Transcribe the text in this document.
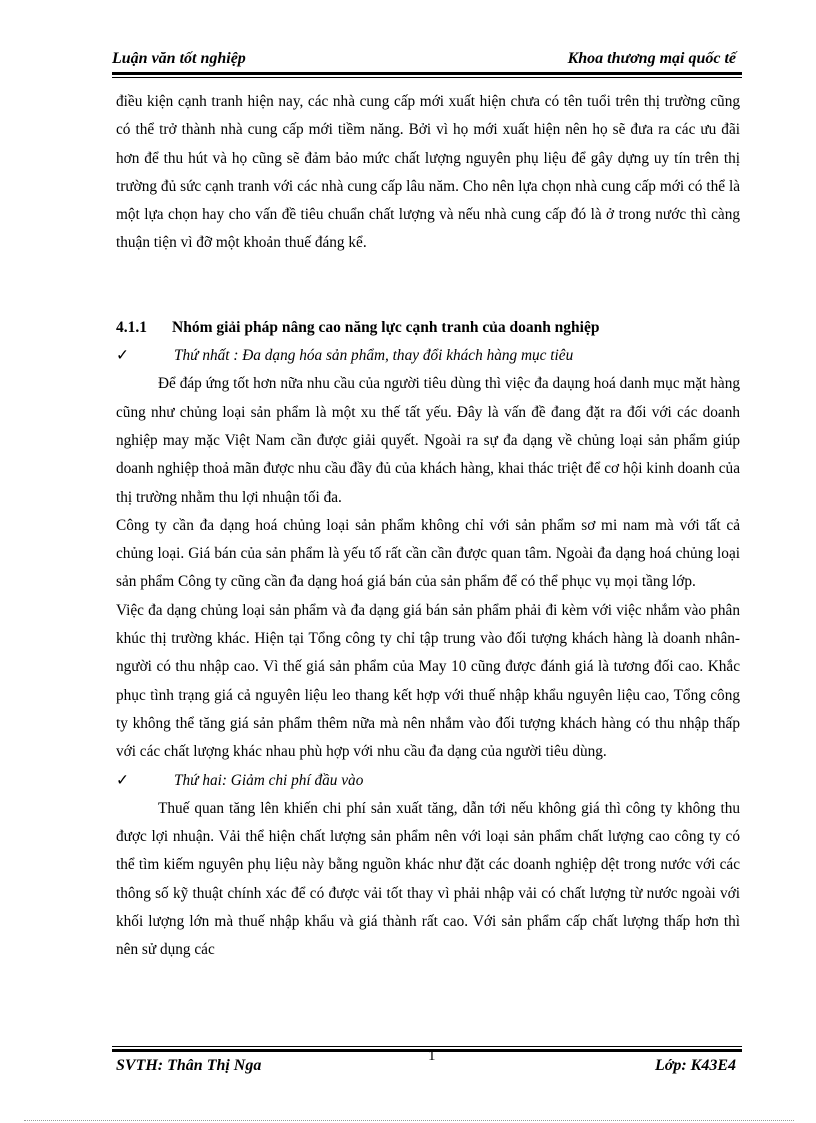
Luận văn tốt nghiệp	Khoa thương mại quốc tế

điều kiện cạnh tranh hiện nay, các nhà cung cấp mới xuất hiện chưa có tên tuổi trên thị trường cũng có thể trở thành nhà cung cấp mới tiềm năng. Bởi vì họ mới xuất hiện nên họ sẽ đưa ra các ưu đãi hơn để thu hút và họ cũng sẽ đảm bảo mức chất lượng nguyên phụ liệu để gây dựng uy tín trên thị trường đủ sức cạnh tranh với các nhà cung cấp lâu năm. Cho nên lựa chọn nhà cung cấp mới có thể là một lựa chọn hay cho vấn đề tiêu chuẩn chất lượng và nếu nhà cung cấp đó là ở trong nước thì càng thuận tiện vì đỡ một khoản thuế đáng kể.

4.1.1 Nhóm giải pháp nâng cao năng lực cạnh tranh của doanh nghiệp

✓	Thứ nhất : Đa dạng hóa sản phẩm, thay đổi khách hàng mục tiêu

Để đáp ứng tốt hơn nữa nhu cầu của người tiêu dùng thì việc đa daụng hoá danh mục mặt hàng cũng như chủng loại sản phẩm là một xu thế tất yếu. Đây là vấn đề đang đặt ra đối với các doanh nghiệp may mặc Việt Nam cần được giải quyết. Ngoài ra sự đa dạng về chủng loại sản phẩm giúp doanh nghiệp thoả mãn được nhu cầu đầy đủ của khách hàng, khai thác triệt để cơ hội kinh doanh của thị trường nhằm thu lợi nhuận tối đa.

Công ty cần đa dạng hoá chủng loại sản phẩm không chỉ với sản phẩm sơ mi nam mà với tất cả chủng loại. Giá bán của sản phẩm là yếu tố rất cần cần được quan tâm. Ngoài đa dạng hoá chủng loại sản phẩm Công ty cũng cần đa dạng hoá giá bán của sản phẩm để có thể phục vụ mọi tầng lớp.

Việc đa dạng chủng loại sản phẩm và đa dạng giá bán sản phẩm phải đi kèm với việc nhắm vào phân khúc thị trường khác. Hiện tại Tổng công ty chỉ tập trung vào đối tượng khách hàng là doanh nhân- người có thu nhập cao. Vì thế giá sản phẩm của May 10 cũng được đánh giá là tương đối cao. Khắc phục tình trạng giá cả nguyên liệu leo thang kết hợp với thuế nhập khẩu nguyên liệu cao, Tổng công ty không thể tăng giá sản phẩm thêm nữa mà nên nhắm vào đối tượng khách hàng có thu nhập thấp với các chất lượng khác nhau phù hợp với nhu cầu đa dạng của người tiêu dùng.

✓	Thứ hai: Giảm chi phí đầu vào

Thuế quan tăng lên khiến chi phí sản xuất tăng, dẫn tới nếu không giá thì công ty không thu được lợi nhuận. Vải thể hiện chất lượng sản phẩm nên với loại sản phẩm chất lượng cao công ty có thể tìm kiếm nguyên phụ liệu này bằng nguồn khác như đặt các doanh nghiệp dệt trong nước với các thông số kỹ thuật chính xác để có được vải tốt thay vì phải nhập vải có chất lượng từ nước ngoài với khối lượng lớn mà thuế nhập khẩu và giá thành rất cao. Với sản phẩm cấp chất lượng thấp hơn thì nên sử dụng các

SVTH: Thân Thị Nga
1
Lớp: K43E4
